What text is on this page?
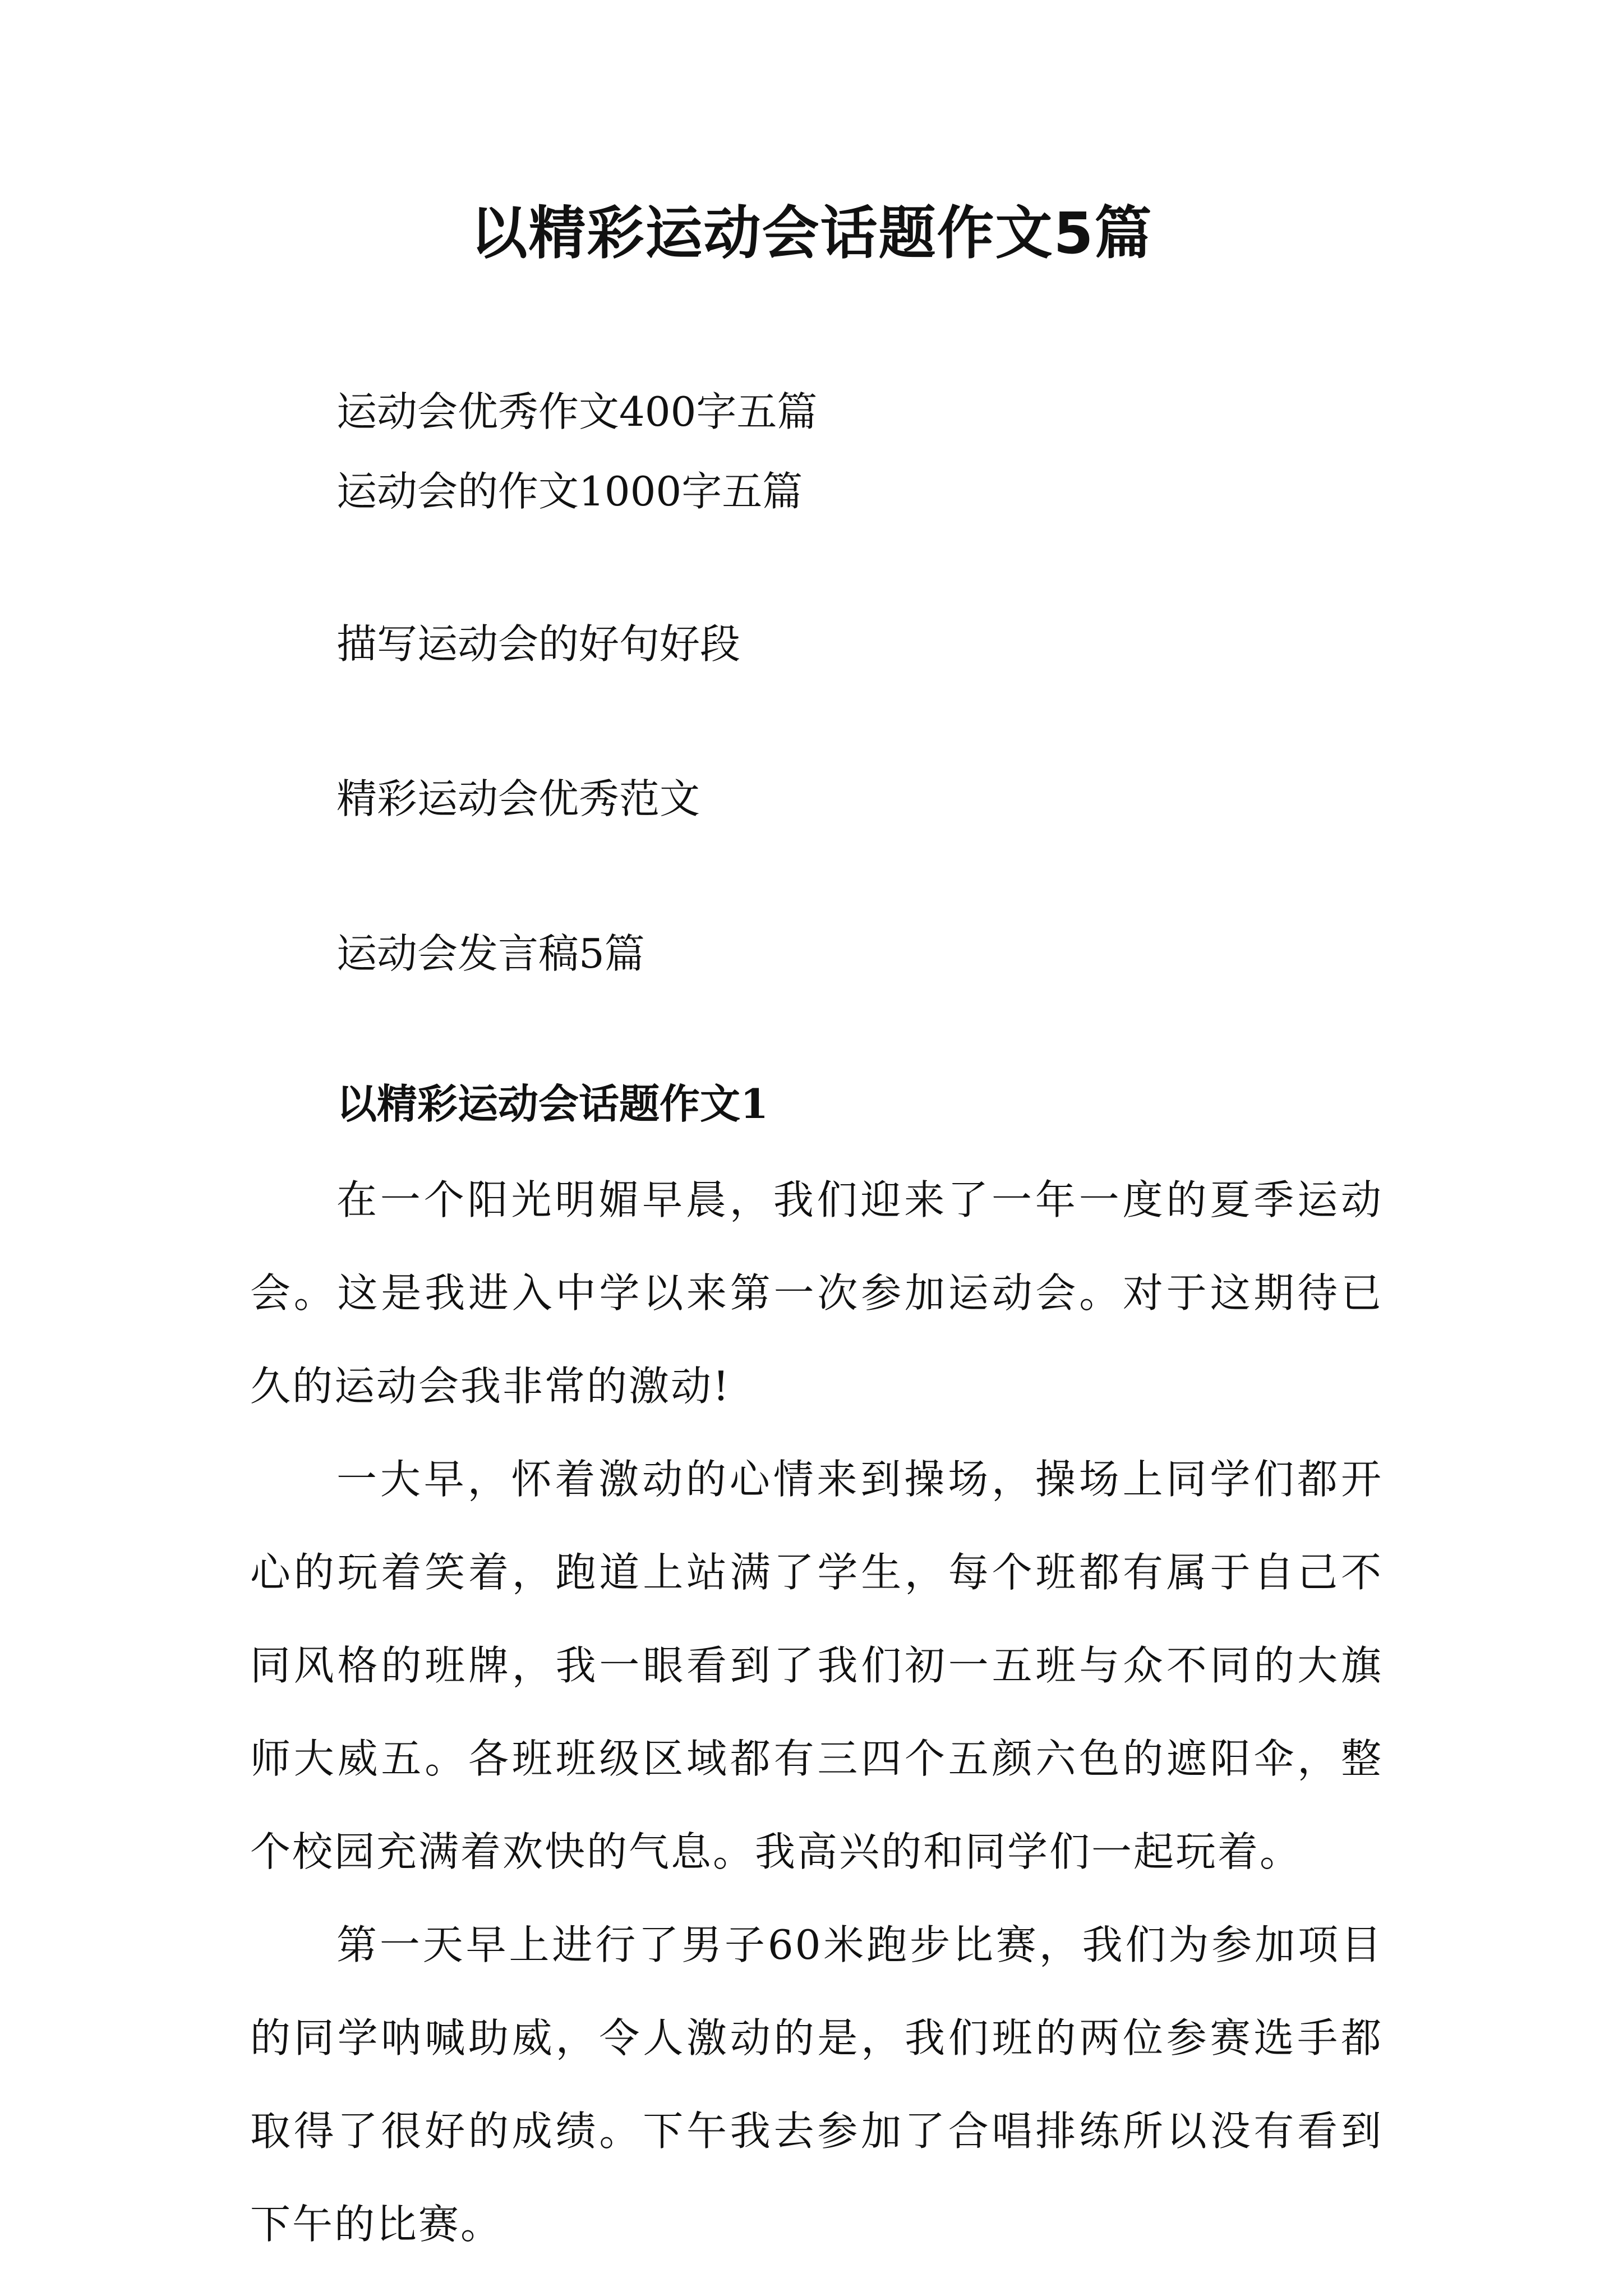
以精彩运动会话题作文5篇
运动会优秀作文400字五篇
运动会的作文1000字五篇
描写运动会的好句好段
精彩运动会优秀范文
运动会发言稿5篇
以精彩运动会话题作文1

在一个阳光明媚早晨，我们迎来了一年一度的夏季运动会。这是我进入中学以来第一次参加运动会。对于这期待已久的运动会我非常的激动!

一大早，怀着激动的心情来到操场，操场上同学们都开心的玩着笑着，跑道上站满了学生，每个班都有属于自己不同风格的班牌，我一眼看到了我们初一五班与众不同的大旗师大威五。各班班级区域都有三四个五颜六色的遮阳伞，整个校园充满着欢快的气息。我高兴的和同学们一起玩着。

第一天早上进行了男子60米跑步比赛，我们为参加项目的同学呐喊助威，令人激动的是，我们班的两位参赛选手都取得了很好的成绩。下午我去参加了合唱排练所以没有看到下午的比赛。
